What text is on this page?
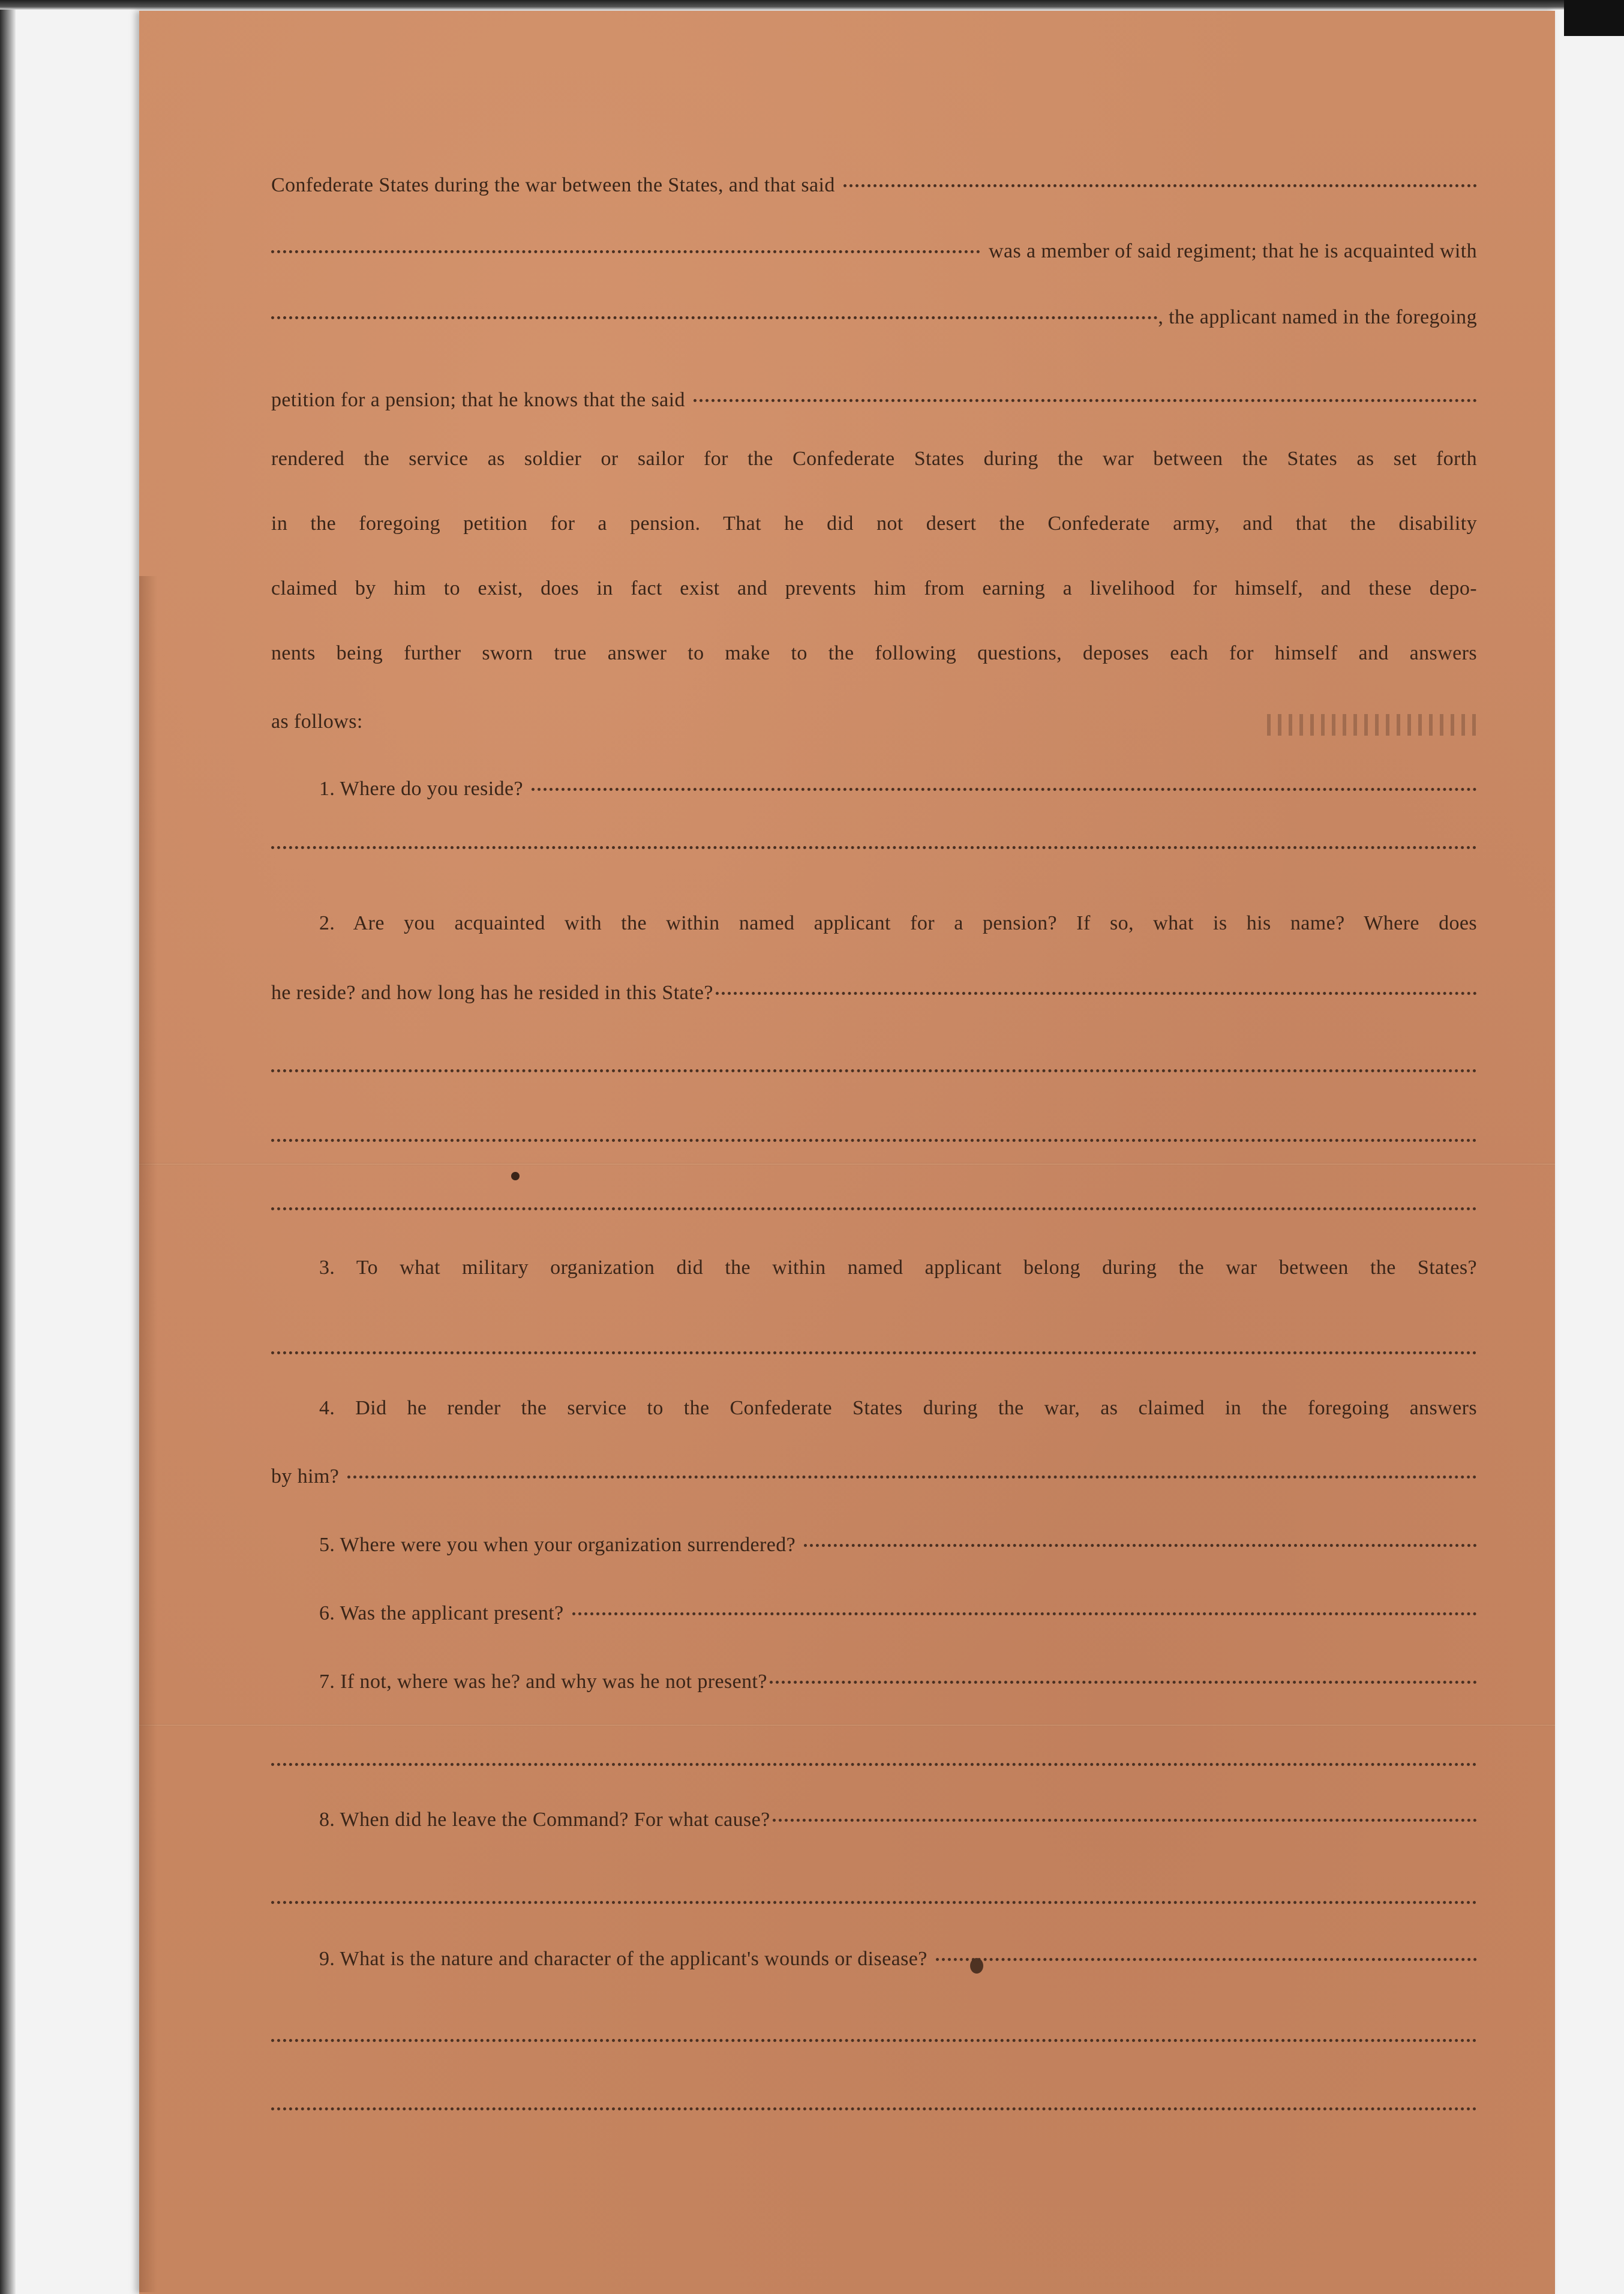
Confederate States during the war between the States, and that said
was a member of said regiment; that he is acquainted with
, the applicant named in the foregoing
petition for a pension; that he knows that the said
rendered the service as soldier or sailor for the Confederate States during the war between the States as set forth
in the foregoing petition for a pension. That he did not desert the Confederate army, and that the disability
claimed by him to exist, does in fact exist and prevents him from earning a livelihood for himself, and these depo-
nents being further sworn true answer to make to the following questions, deposes each for himself and answers
as follows:
1. Where do you reside?
2. Are you acquainted with the within named applicant for a pension? If so, what is his name? Where does
he reside? and how long has he resided in this State?
3. To what military organization did the within named applicant belong during the war between the States?
4. Did he render the service to the Confederate States during the war, as claimed in the foregoing answers
by him?
5. Where were you when your organization surrendered?
6. Was the applicant present?
7. If not, where was he? and why was he not present?
8. When did he leave the Command? For what cause?
9. What is the nature and character of the applicant's wounds or disease?
